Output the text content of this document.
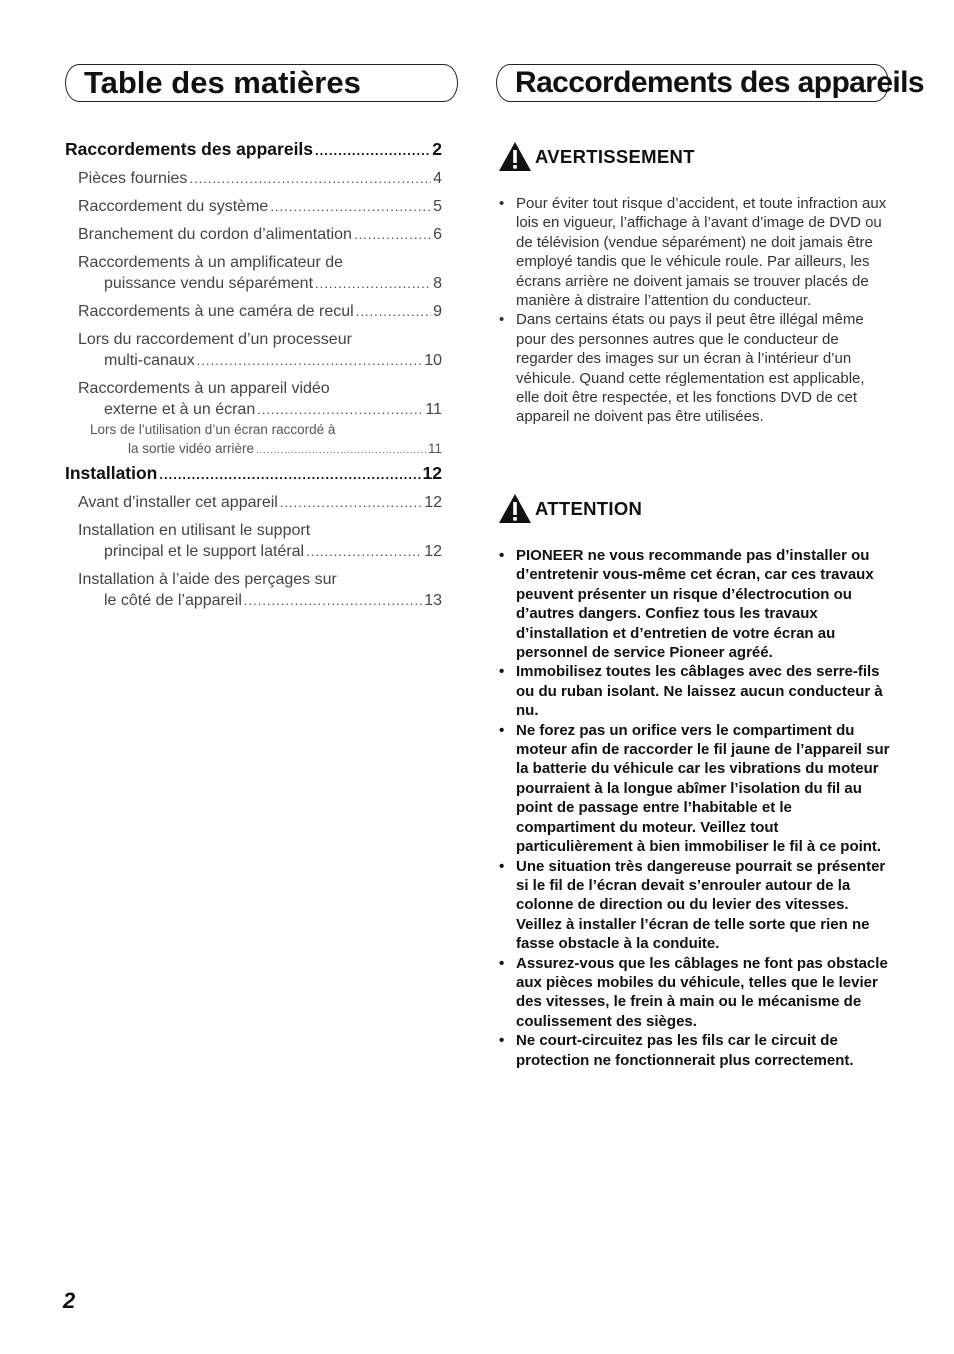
Table des matières	Raccordements des appareils
Raccordements des appareils .....	2
Pièces fournies .....	4
Raccordement du système .....	5
Branchement du cordon d’alimentation .....	6
Raccordements à un amplificateur de
puissance vendu séparément .....	8
Raccordements à une caméra de recul .....	9
Lors du raccordement d’un processeur
multi-canaux .....	10
Raccordements à un appareil vidéo
externe et à un écran .....	11
Lors de l’utilisation d’un écran raccordé à
la sortie vidéo arrière .....	11
Installation .....	12
Avant d’installer cet appareil .....	12
Installation en utilisant le support
principal et le support latéral .....	12
Installation à l’aide des perçages sur
le côté de l’appareil .....	13
AVERTISSEMENT
• Pour éviter tout risque d’accident, et toute infraction aux lois en vigueur, l’affichage à l’avant d’image de DVD ou de télévision (vendue séparément) ne doit jamais être employé tandis que le véhicule roule. Par ailleurs, les écrans arrière ne doivent jamais se trouver placés de manière à distraire l’attention du conducteur.
• Dans certains états ou pays il peut être illégal même pour des personnes autres que le conducteur de regarder des images sur un écran à l’intérieur d’un véhicule. Quand cette réglementation est applicable, elle doit être respectée, et les fonctions DVD de cet appareil ne doivent pas être utilisées.
ATTENTION
• PIONEER ne vous recommande pas d’installer ou d’entretenir vous-même cet écran, car ces travaux peuvent présenter un risque d’électrocution ou d’autres dangers. Confiez tous les travaux d’installation et d’entretien de votre écran au personnel de service Pioneer agréé.
• Immobilisez toutes les câblages avec des serre-fils ou du ruban isolant. Ne laissez aucun conducteur à nu.
• Ne forez pas un orifice vers le compartiment du moteur afin de raccorder le fil jaune de l’appareil sur la batterie du véhicule car les vibrations du moteur pourraient à la longue abîmer l’isolation du fil au point de passage entre l’habitable et le compartiment du moteur. Veillez tout particulièrement à bien immobiliser le fil à ce point.
• Une situation très dangereuse pourrait se présenter si le fil de l’écran devait s’enrouler autour de la colonne de direction ou du levier des vitesses. Veillez à installer l’écran de telle sorte que rien ne fasse obstacle à la conduite.
• Assurez-vous que les câblages ne font pas obstacle aux pièces mobiles du véhicule, telles que le levier des vitesses, le frein à main ou le mécanisme de coulissement des sièges.
• Ne court-circuitez pas les fils car le circuit de protection ne fonctionnerait plus correctement.
2
